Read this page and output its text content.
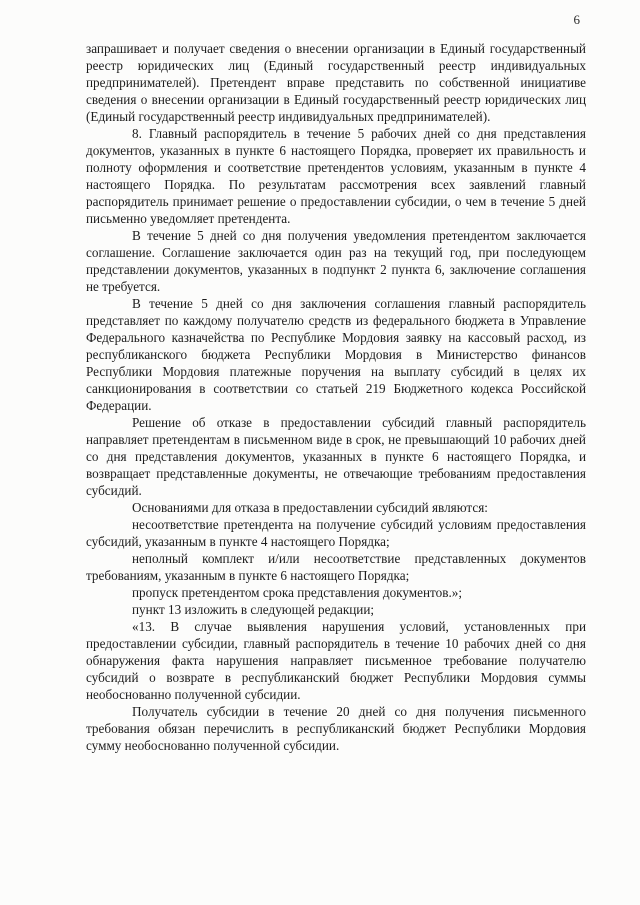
6

запрашивает и получает сведения о внесении организации в Единый государственный реестр юридических лиц (Единый государственный реестр индивидуальных предпринимателей). Претендент вправе представить по собственной инициативе сведения о внесении организации в Единый государственный реестр юридических лиц (Единый государственный реестр индивидуальных предпринимателей).

8. Главный распорядитель в течение 5 рабочих дней со дня представления документов, указанных в пункте 6 настоящего Порядка, проверяет их правильность и полноту оформления и соответствие претендентов условиям, указанным в пункте 4 настоящего Порядка. По результатам рассмотрения всех заявлений главный распорядитель принимает решение о предоставлении субсидии, о чем в течение 5 дней письменно уведомляет претендента.

В течение 5 дней со дня получения уведомления претендентом заключается соглашение. Соглашение заключается один раз на текущий год, при последующем представлении документов, указанных в подпункт 2 пункта 6, заключение соглашения не требуется.

В течение 5 дней со дня заключения соглашения главный распорядитель представляет по каждому получателю средств из федерального бюджета в Управление Федерального казначейства по Республике Мордовия заявку на кассовый расход, из республиканского бюджета Республики Мордовия в Министерство финансов Республики Мордовия платежные поручения на выплату субсидий в целях их санкционирования в соответствии со статьей 219 Бюджетного кодекса Российской Федерации.

Решение об отказе в предоставлении субсидий главный распорядитель направляет претендентам в письменном виде в срок, не превышающий 10 рабочих дней со дня представления документов, указанных в пункте 6 настоящего Порядка, и возвращает представленные документы, не отвечающие требованиям предоставления субсидий.

Основаниями для отказа в предоставлении субсидий являются:

несоответствие претендента на получение субсидий условиям предоставления субсидий, указанным в пункте 4 настоящего Порядка;

неполный комплект и/или несоответствие представленных документов требованиям, указанным в пункте 6 настоящего Порядка;

пропуск претендентом срока представления документов.»;

пункт 13 изложить в следующей редакции;

«13. В случае выявления нарушения условий, установленных при предоставлении субсидии, главный распорядитель в течение 10 рабочих дней со дня обнаружения факта нарушения направляет письменное требование получателю субсидий о возврате в республиканский бюджет Республики Мордовия суммы необоснованно полученной субсидии.

Получатель субсидии в течение 20 дней со дня получения письменного требования обязан перечислить в республиканский бюджет Республики Мордовия сумму необоснованно полученной субсидии.
